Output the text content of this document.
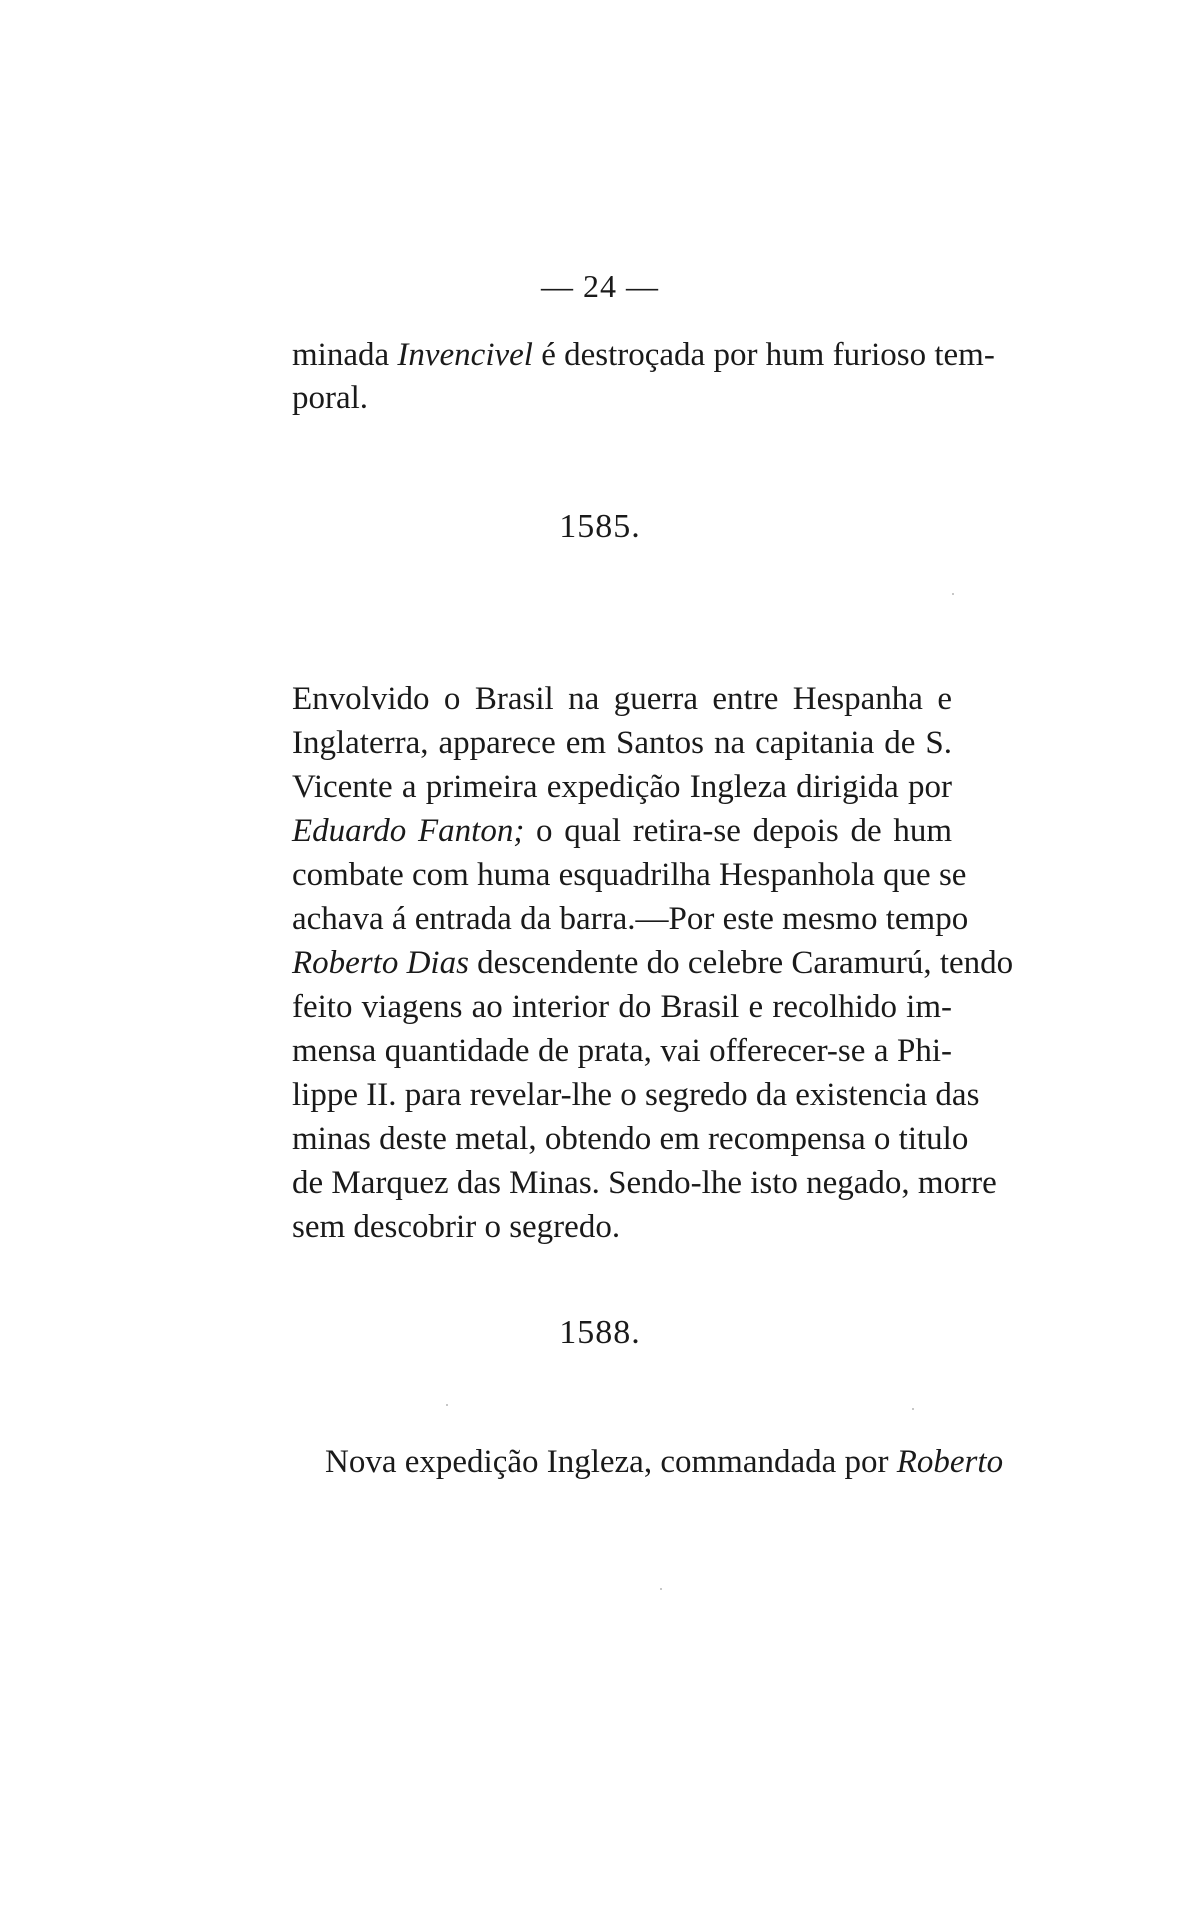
— 24 —
minada Invencivel é destroçada por hum furioso tem-
poral.
1585.
Envolvido o Brasil na guerra entre Hespanha e
Inglaterra, apparece em Santos na capitania de S.
Vicente a primeira expedição Ingleza dirigida por
Eduardo Fanton; o qual retira-se depois de hum
combate com huma esquadrilha Hespanhola que se
achava á entrada da barra.—Por este mesmo tempo
Roberto Dias descendente do celebre Caramurú, tendo
feito viagens ao interior do Brasil e recolhido im-
mensa quantidade de prata, vai offerecer-se a Phi-
lippe II. para revelar-lhe o segredo da existencia das
minas deste metal, obtendo em recompensa o titulo
de Marquez das Minas. Sendo-lhe isto negado, morre
sem descobrir o segredo.
1588.
Nova expedição Ingleza, commandada por Roberto
